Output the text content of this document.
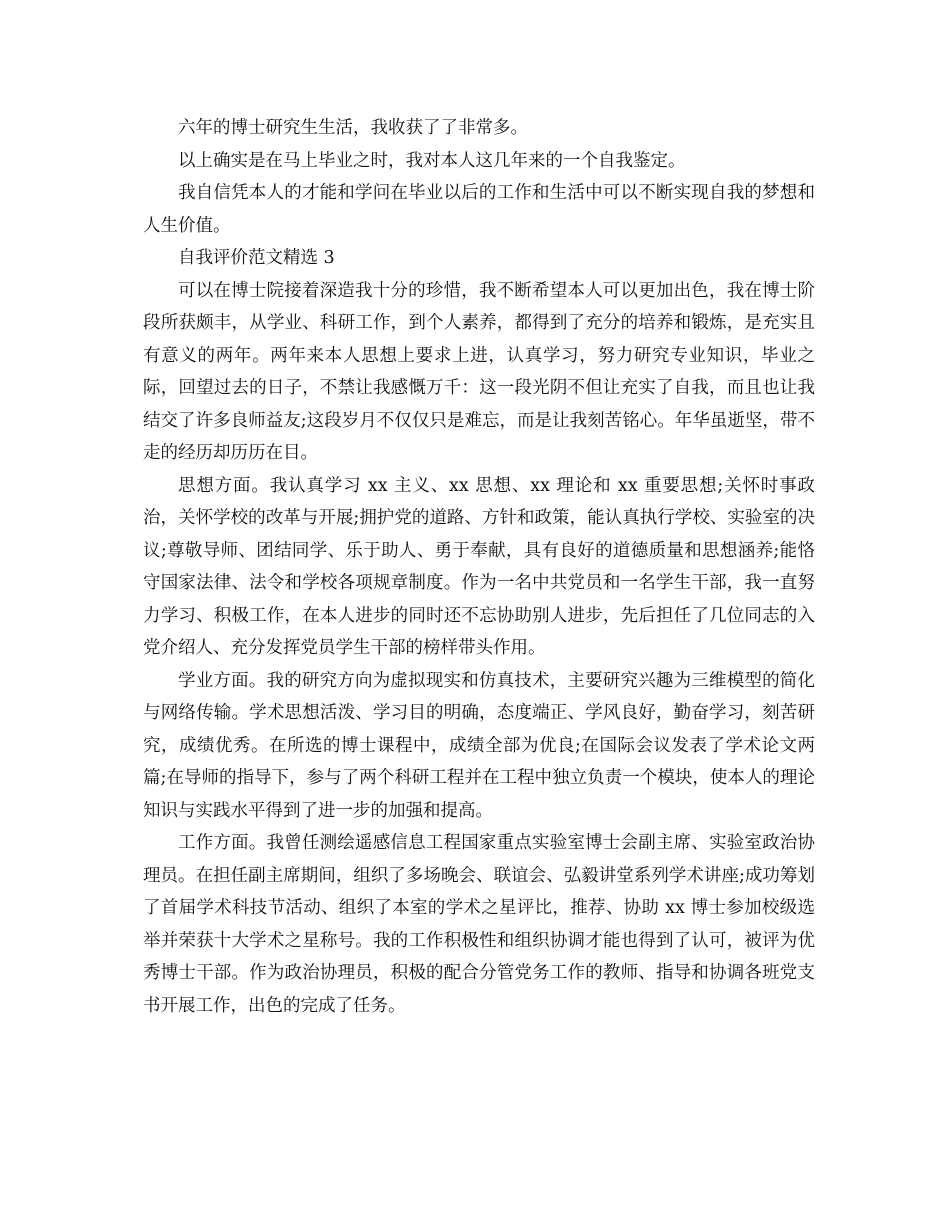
六年的博士研究生生活，我收获了了非常多。

以上确实是在马上毕业之时，我对本人这几年来的一个自我鉴定。

我自信凭本人的才能和学问在毕业以后的工作和生活中可以不断实现自我的梦想和人生价值。

自我评价范文精选 3

可以在博士院接着深造我十分的珍惜，我不断希望本人可以更加出色，我在博士阶段所获颇丰，从学业、科研工作，到个人素养，都得到了充分的培养和锻炼，是充实且有意义的两年。两年来本人思想上要求上进，认真学习，努力研究专业知识，毕业之际，回望过去的日子，不禁让我感慨万千：这一段光阴不但让充实了自我，而且也让我结交了许多良师益友;这段岁月不仅仅只是难忘，而是让我刻苦铭心。年华虽逝坚，带不走的经历却历历在目。

思想方面。我认真学习 xx 主义、xx 思想、xx 理论和 xx 重要思想;关怀时事政治，关怀学校的改革与开展;拥护党的道路、方针和政策，能认真执行学校、实验室的决议;尊敬导师、团结同学、乐于助人、勇于奉献，具有良好的道德质量和思想涵养;能恪守国家法律、法令和学校各项规章制度。作为一名中共党员和一名学生干部，我一直努力学习、积极工作，在本人进步的同时还不忘协助别人进步，先后担任了几位同志的入党介绍人、充分发挥党员学生干部的榜样带头作用。

学业方面。我的研究方向为虚拟现实和仿真技术，主要研究兴趣为三维模型的简化与网络传输。学术思想活泼、学习目的明确，态度端正、学风良好，勤奋学习，刻苦研究，成绩优秀。在所选的博士课程中，成绩全部为优良;在国际会议发表了学术论文两篇;在导师的指导下，参与了两个科研工程并在工程中独立负责一个模块，使本人的理论知识与实践水平得到了进一步的加强和提高。

工作方面。我曾任测绘遥感信息工程国家重点实验室博士会副主席、实验室政治协理员。在担任副主席期间，组织了多场晚会、联谊会、弘毅讲堂系列学术讲座;成功筹划了首届学术科技节活动、组织了本室的学术之星评比，推荐、协助 xx 博士参加校级选举并荣获十大学术之星称号。我的工作积极性和组织协调才能也得到了认可，被评为优秀博士干部。作为政治协理员，积极的配合分管党务工作的教师、指导和协调各班党支书开展工作，出色的完成了任务。
